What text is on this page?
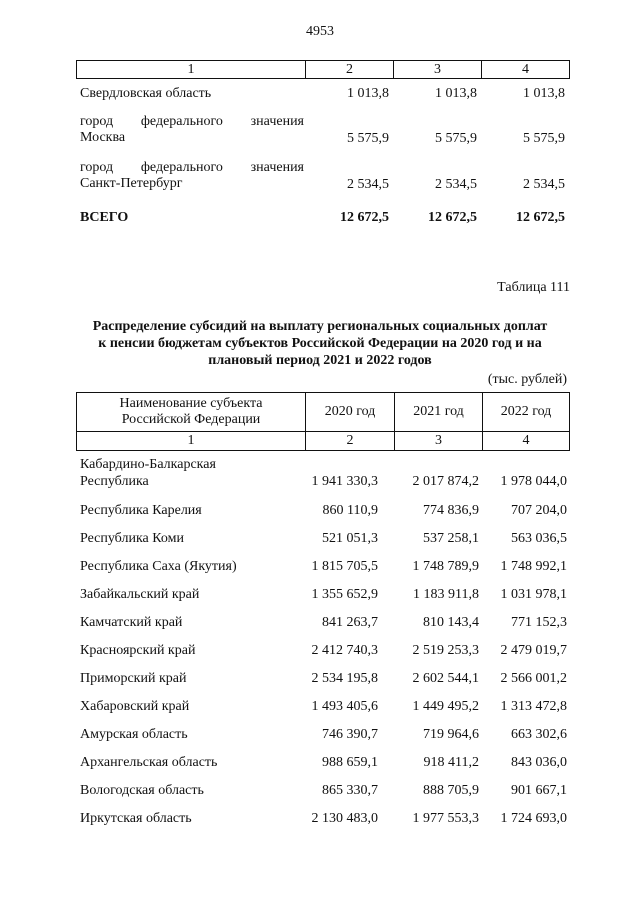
4953
1	2	3	4
Свердловская область	1 013,8	1 013,8	1 013,8
город федерального значения
Москва	5 575,9	5 575,9	5 575,9
город федерального значения
Санкт-Петербург	2 534,5	2 534,5	2 534,5
ВСЕГО	12 672,5	12 672,5	12 672,5
Таблица 111
Распределение субсидий на выплату региональных социальных доплат
к пенсии бюджетам субъектов Российской Федерации на 2020 год и на
плановый период 2021 и 2022 годов
(тыс. рублей)
Наименование субъекта
Российской Федерации
2020 год	2021 год	2022 год
1	2	3	4
Кабардино-Балкарская
Республика	1 941 330,3	2 017 874,2	1 978 044,0
Республика Карелия	860 110,9	774 836,9	707 204,0
Республика Коми	521 051,3	537 258,1	563 036,5
Республика Саха (Якутия)	1 815 705,5	1 748 789,9	1 748 992,1
Забайкальский край	1 355 652,9	1 183 911,8	1 031 978,1
Камчатский край	841 263,7	810 143,4	771 152,3
Красноярский край	2 412 740,3	2 519 253,3	2 479 019,7
Приморский край	2 534 195,8	2 602 544,1	2 566 001,2
Хабаровский край	1 493 405,6	1 449 495,2	1 313 472,8
Амурская область	746 390,7	719 964,6	663 302,6
Архангельская область	988 659,1	918 411,2	843 036,0
Вологодская область	865 330,7	888 705,9	901 667,1
Иркутская область	2 130 483,0	1 977 553,3	1 724 693,0
